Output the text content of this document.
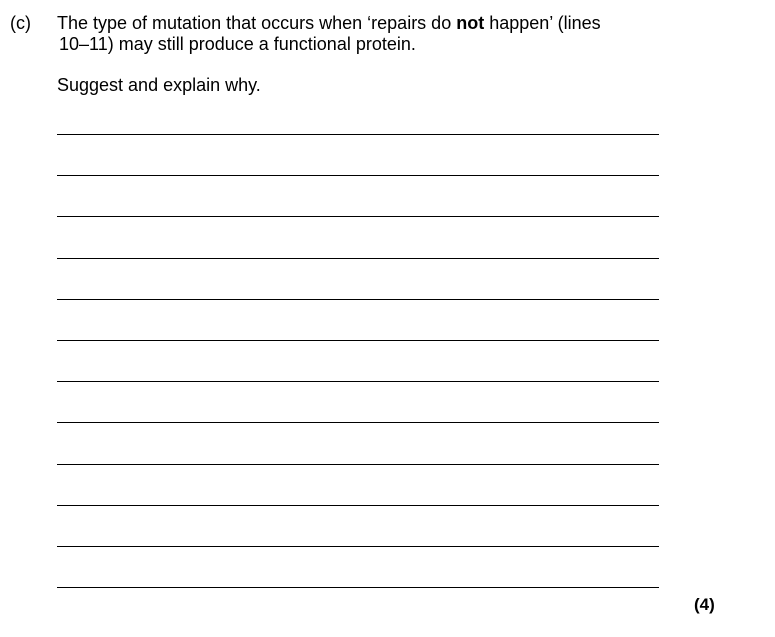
(c) The type of mutation that occurs when ‘repairs do not happen’ (lines
10–11) may still produce a functional protein.
Suggest and explain why.
(4)
